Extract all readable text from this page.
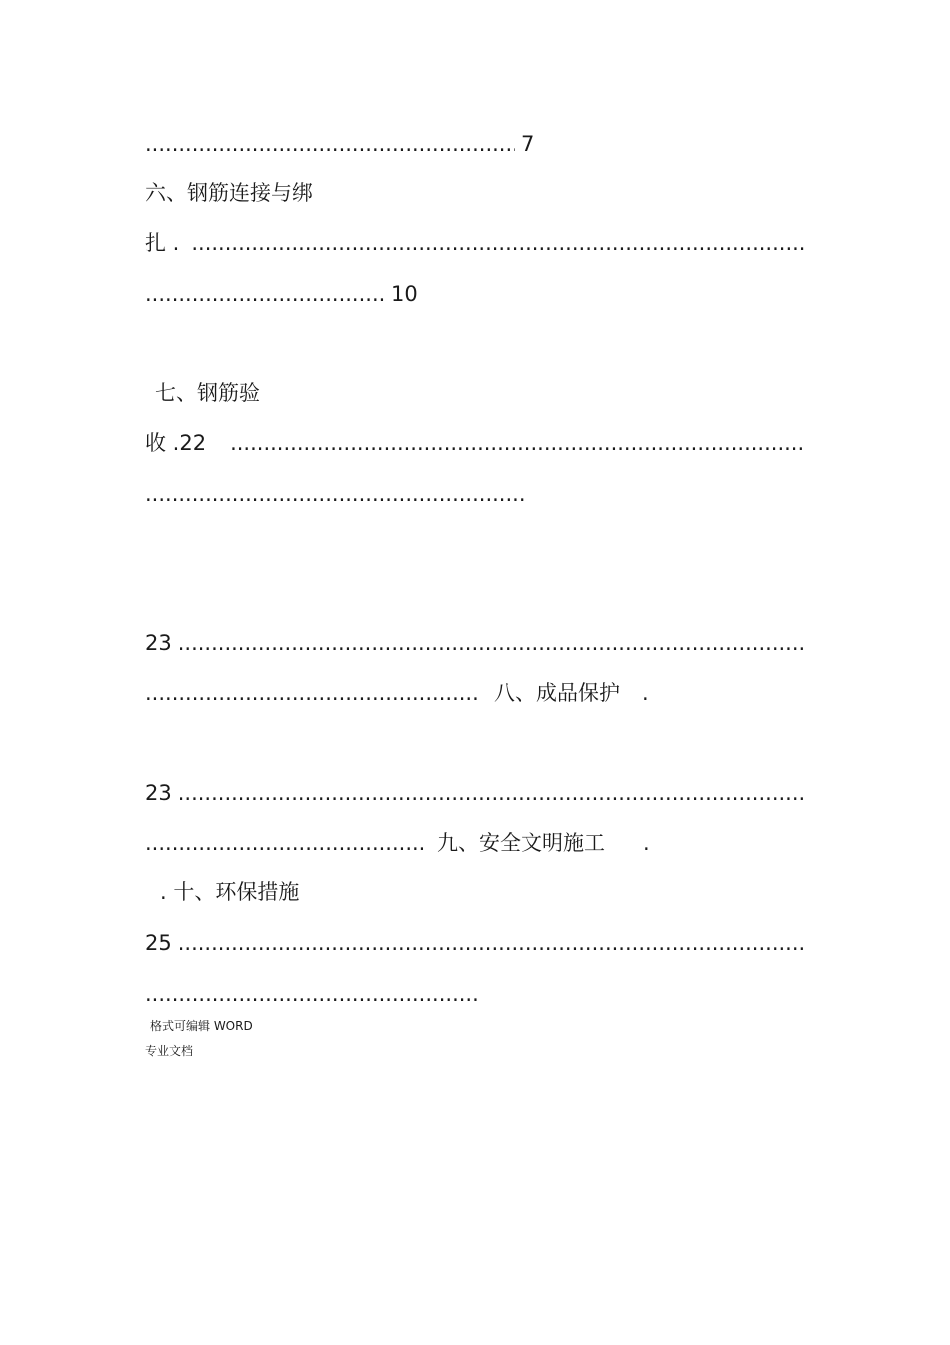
.....7
六、钢筋连接与绑
扎 .
.....
.....10
七、钢筋验
收 .22
.....
.....
23
.....
.....八、成品保护 .
23
.....
.....九、安全文明施工 .
. 十、环保措施
25
.....
.....
格式可编辑 WORD
专业文档
